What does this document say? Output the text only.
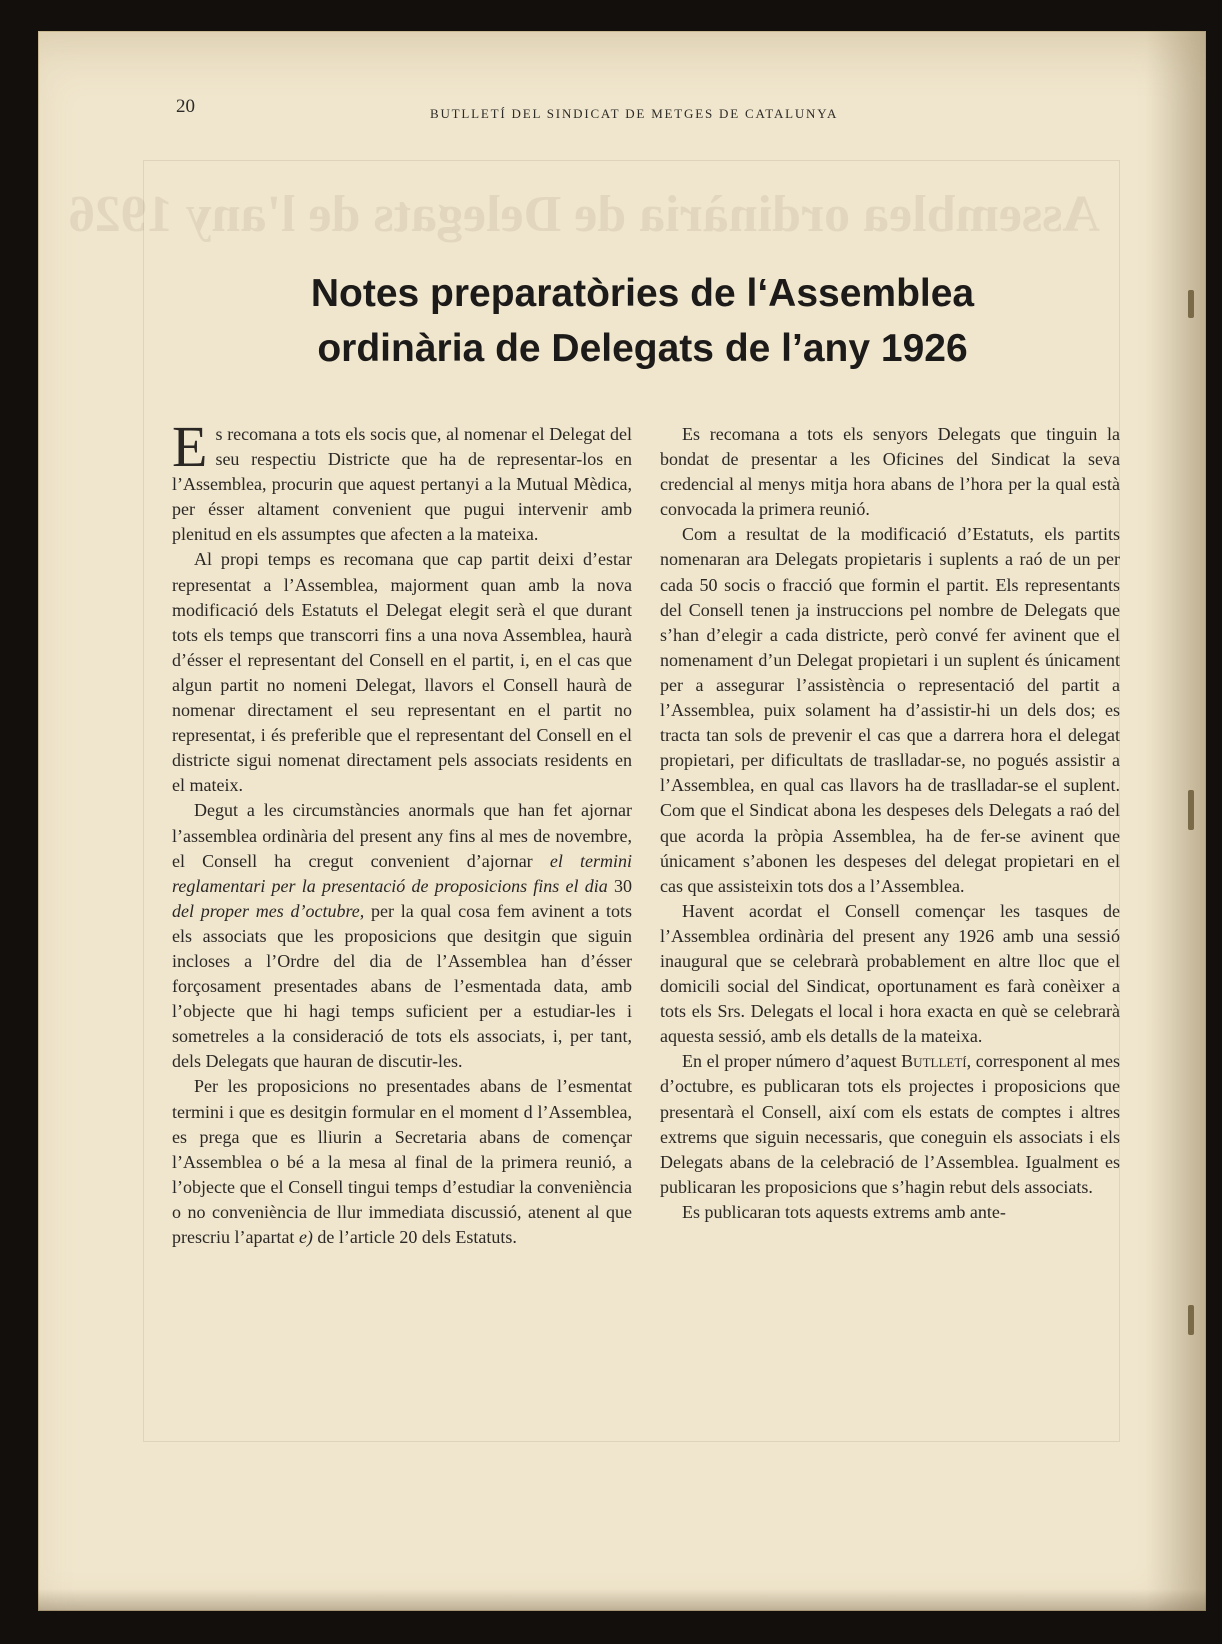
Assemblea ordinària de Delegats de l'any 1926
20	BUTLLETÍ DEL SINDICAT DE METGES DE CATALUNYA
Notes preparatòries de l‘Assemblea
ordinària de Delegats de l’any 1926

Es recomana a tots els socis que, al nomenar el Delegat del seu respectiu Districte que ha de representar-los en l’Assemblea, procurin que aquest pertanyi a la Mutual Mèdica, per ésser altament convenient que pugui intervenir amb plenitud en els assumptes que afecten a la mateixa.

Al propi temps es recomana que cap partit deixi d’estar representat a l’Assemblea, majorment quan amb la nova modificació dels Estatuts el Delegat elegit serà el que durant tots els temps que transcorri fins a una nova Assemblea, haurà d’ésser el representant del Consell en el partit, i, en el cas que algun partit no nomeni Delegat, llavors el Consell haurà de nomenar directament el seu representant en el partit no representat, i és preferible que el representant del Consell en el districte sigui nomenat directament pels associats residents en el mateix.

Degut a les circumstàncies anormals que han fet ajornar l’assemblea ordinària del present any fins al mes de novembre, el Consell ha cregut convenient d’ajornar el termini reglamentari per la presentació de proposicions fins el dia 30 del proper mes d’octubre, per la qual cosa fem avinent a tots els associats que les proposicions que desitgin que siguin incloses a l’Ordre del dia de l’Assemblea han d’ésser forçosament presentades abans de l’esmentada data, amb l’objecte que hi hagi temps suficient per a estudiar-les i sometreles a la consideració de tots els associats, i, per tant, dels Delegats que hauran de discutir-les.

Per les proposicions no presentades abans de l’esmentat termini i que es desitgin formular en el moment d l’Assemblea, es prega que es lliurin a Secretaria abans de començar l’Assemblea o bé a la mesa al final de la primera reunió, a l’objecte que el Consell tingui temps d’estudiar la conveniència o no conveniència de llur immediata discussió, atenent al que prescriu l’apartat e) de l’article 20 dels Estatuts.

Es recomana a tots els senyors Delegats que tinguin la bondat de presentar a les Oficines del Sindicat la seva credencial al menys mitja hora abans de l’hora per la qual està convocada la primera reunió.

Com a resultat de la modificació d’Estatuts, els partits nomenaran ara Delegats propietaris i suplents a raó de un per cada 50 socis o fracció que formin el partit. Els representants del Consell tenen ja instruccions pel nombre de Delegats que s’han d’elegir a cada districte, però convé fer avinent que el nomenament d’un Delegat propietari i un suplent és únicament per a assegurar l’assistència o representació del partit a l’Assemblea, puix solament ha d’assistir-hi un dels dos; es tracta tan sols de prevenir el cas que a darrera hora el delegat propietari, per dificultats de traslladar-se, no pogués assistir a l’Assemblea, en qual cas llavors ha de traslladar-se el suplent. Com que el Sindicat abona les despeses dels Delegats a raó del que acorda la pròpia Assemblea, ha de fer-se avinent que únicament s’abonen les despeses del delegat propietari en el cas que assisteixin tots dos a l’Assemblea.

Havent acordat el Consell començar les tasques de l’Assemblea ordinària del present any 1926 amb una sessió inaugural que se celebrarà probablement en altre lloc que el domicili social del Sindicat, oportunament es farà conèixer a tots els Srs. Delegats el local i hora exacta en què se celebrarà aquesta sessió, amb els detalls de la mateixa.

En el proper número d’aquest Butlletí, corresponent al mes d’octubre, es publicaran tots els projectes i proposicions que presentarà el Consell, així com els estats de comptes i altres extrems que siguin necessaris, que coneguin els associats i els Delegats abans de la celebració de l’Assemblea. Igualment es publicaran les proposicions que s’hagin rebut dels associats.

Es publicaran tots aquests extrems amb ante-
